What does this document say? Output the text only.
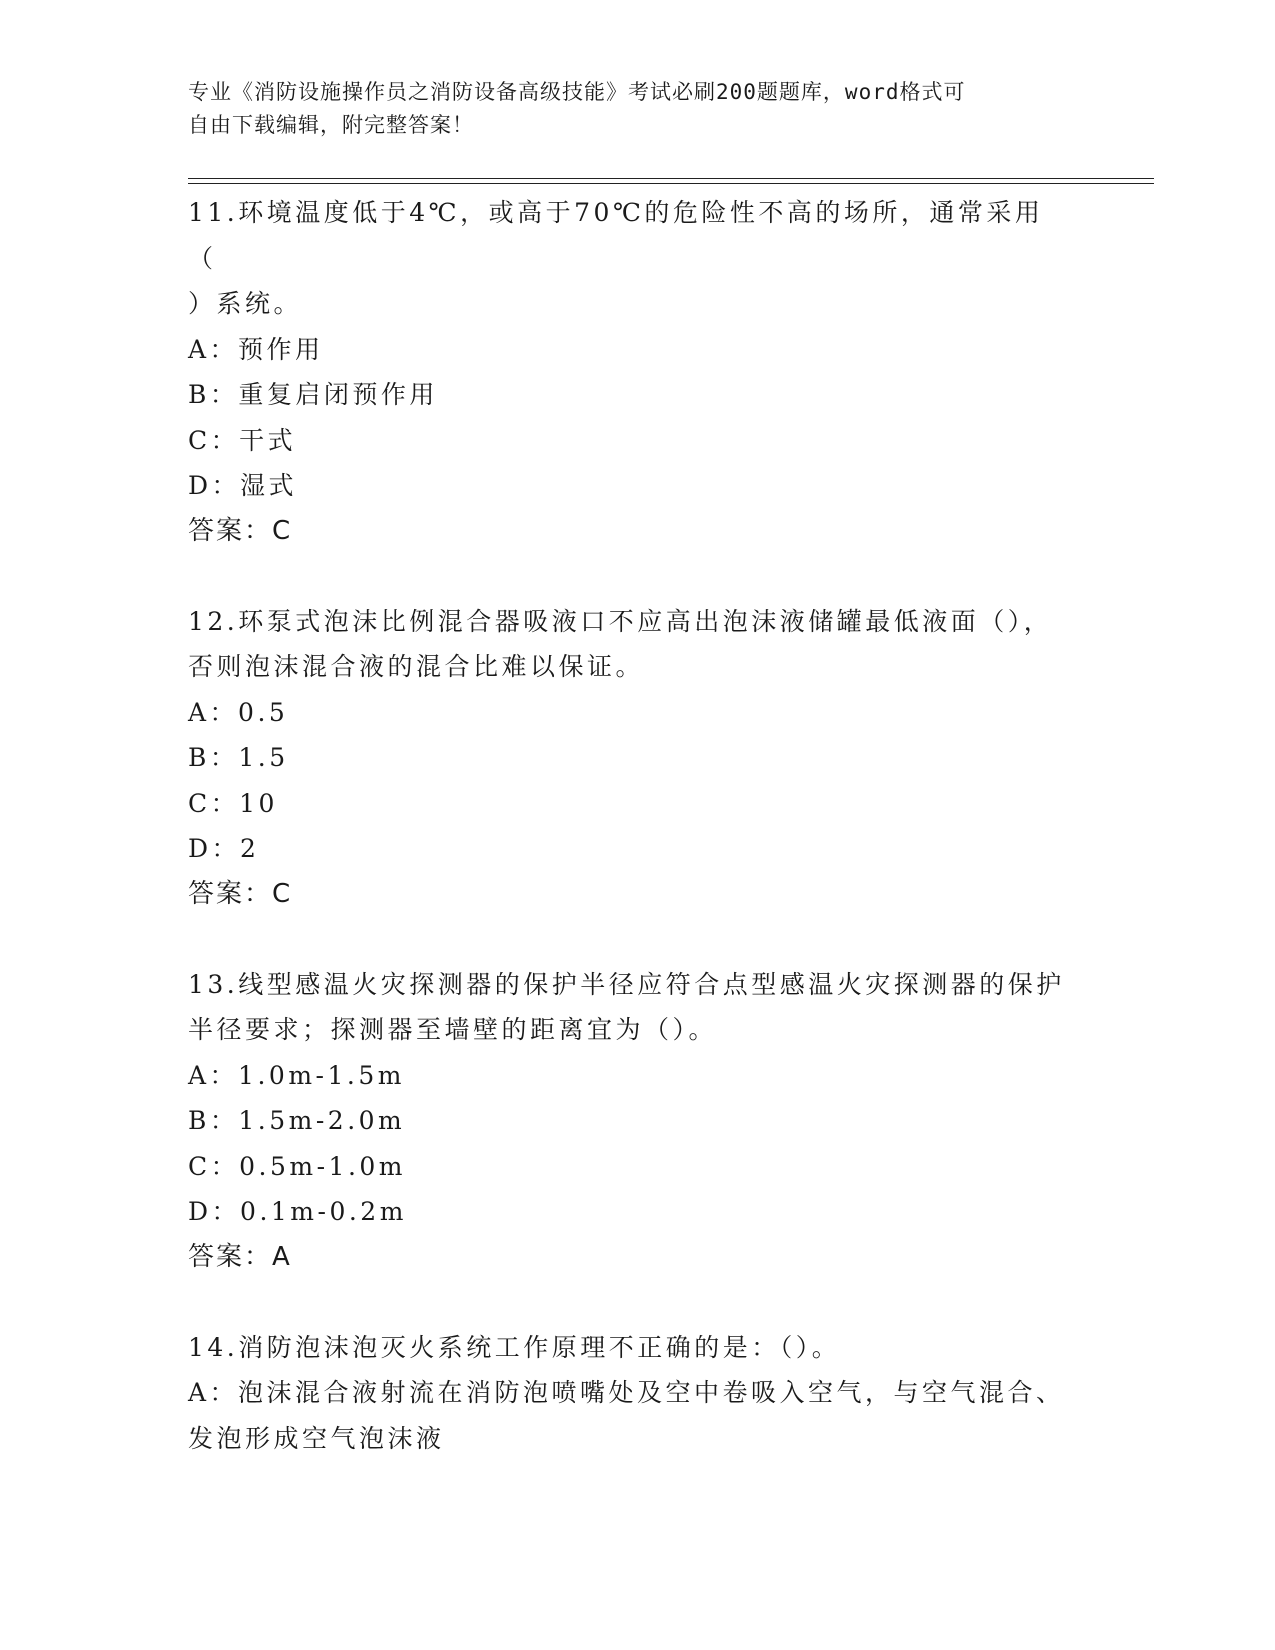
专业《消防设施操作员之消防设备高级技能》考试必刷200题题库，word格式可
自由下载编辑，附完整答案！

11.环境温度低于4℃，或高于70℃的危险性不高的场所，通常采用（

）系统。

A：预作用

B：重复启闭预作用

C：干式

D：湿式

答案：C

12.环泵式泡沫比例混合器吸液口不应高出泡沫液储罐最低液面（），

否则泡沫混合液的混合比难以保证。

A：0.5

B：1.5

C：10

D：2

答案：C

13.线型感温火灾探测器的保护半径应符合点型感温火灾探测器的保护

半径要求；探测器至墙壁的距离宜为（）。

A：1.0m-1.5m

B：1.5m-2.0m

C：0.5m-1.0m

D：0.1m-0.2m

答案：A

14.消防泡沫泡灭火系统工作原理不正确的是：（）。

A：泡沫混合液射流在消防泡喷嘴处及空中卷吸入空气，与空气混合、

发泡形成空气泡沫液
